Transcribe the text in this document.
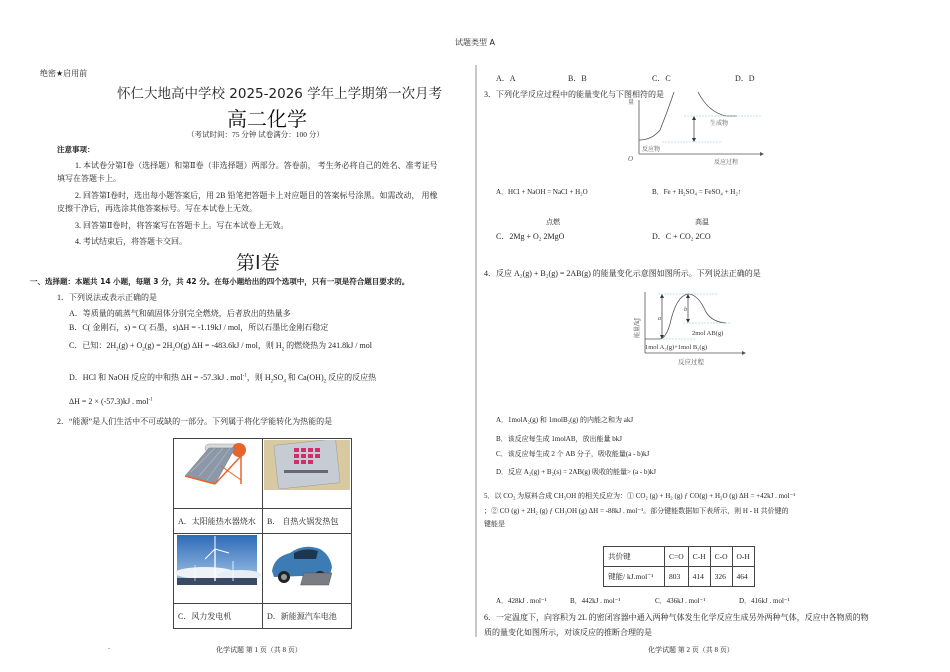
试题类型 A
绝密★启用前
怀仁大地高中学校 2025-2026 学年上学期第一次月考
高二化学
（考试时间：75 分钟 试卷满分：100 分）
注意事项：
1. 本试卷分第Ⅰ卷（选择题）和第Ⅱ卷（非选择题）两部分。答卷前， 考生务必将自己的姓名、准考证号
填写在答题卡上。
2. 回答第Ⅰ卷时，选出每小题答案后，用 2B 铅笔把答题卡上对应题目的答案标号涂黑。如需改动， 用橡
皮擦干净后，再选涂其他答案标号。写在本试卷上无效。
3. 回答第Ⅱ卷时，将答案写在答题卡上。写在本试卷上无效。
4. 考试结束后，将答题卡交回。
第Ⅰ卷
一、选择题：本题共 14 小题，每题 3 分，共 42 分。在每小题给出的四个选项中，只有一项是符合题目要求的。
1．下列说法或表示正确的是
A．等质量的硫蒸气和硫固体分别完全燃烧，后者放出的热量多
B．C( 金刚石，s) = C( 石墨，s)ΔH = -1.19kJ / mol，所以石墨比金刚石稳定
C．已知：$2H_2(g) + O_2(g) = 2H_2O(g) \Delta H = -483.6kJ$ / mol，则 $H_2$ 的燃烧热为 241.8kJ / mol
D．HCl 和 NaOH 反应的中和热 ΔH = -57.3kJ . mol$^{-1}$，则 $H_2SO_4$ 和 $Ca(OH)_2$ 反应的反应热
ΔH = 2 × (-57.3)kJ . mol$^{-1}$
2．“能源”是人们生活中不可或缺的一部分。下列属于将化学能转化为热能的是

A．太阳能热水器烧水	B． 自热火锅发热包

C．风力发电机	D．新能源汽车电池
化学试题 第 1 页（共 8 页）
A．A	B．B	C．C	D．D
3．下列化学反应过程中的能量变化与下图相符的是
量
O	反应过程
反应物
生成物
A．HCl + NaOH = NaCl + H₂O	B．Fe + H₂SO₄ = FeSO₄ + H₂↑
点燃
C．2Mg + O₂ 2MgO
高温
D．C + CO₂ 2CO
4．反应 A₂(g) + B₂(g) = 2AB(g) 的能量变化示意图如图所示。下列说法正确的是
a
b
2mol AB(g)
1mol A₂(g)+1mol B₂(g)
反应过程
能量/kJ
A．1molA₂(g) 和 1molB₂(g) 的内能之和为 akJ
B．该反应每生成 1molAB，放出能量 bkJ
C．该反应每生成 2 个 AB 分子，吸收能量(a - b)kJ
D．反应 A₂(g) + B₂(s) = 2AB(g) 吸收的能量> (a - b)kJ
5．以 CO₂ 为原料合成 CH₃OH 的相关反应为：① CO₂ (g) + H₂ (g) ƒ CO(g) + H₂O (g) ΔH = +42kJ . mol⁻¹
；② CO (g) + 2H₂ (g) ƒ CH₃OH (g) ΔH = -88kJ . mol⁻¹。部分键能数据如下表所示，则 H - H 共价键的
键能是
共价键	C=O	C-H	C-O	O-H
键能/ kJ.mol⁻¹	803	414	326	464
A．428kJ . mol⁻¹	B．442kJ . mol⁻¹	C．436kJ . mol⁻¹	D．416kJ . mol⁻¹
6．一定温度下，向容积为 2L 的密闭容器中通入两种气体发生化学反应生成另外两种气体，反应中各物质的物
质的量变化如图所示，对该反应的推断合理的是
化学试题 第 2 页（共 8 页）
